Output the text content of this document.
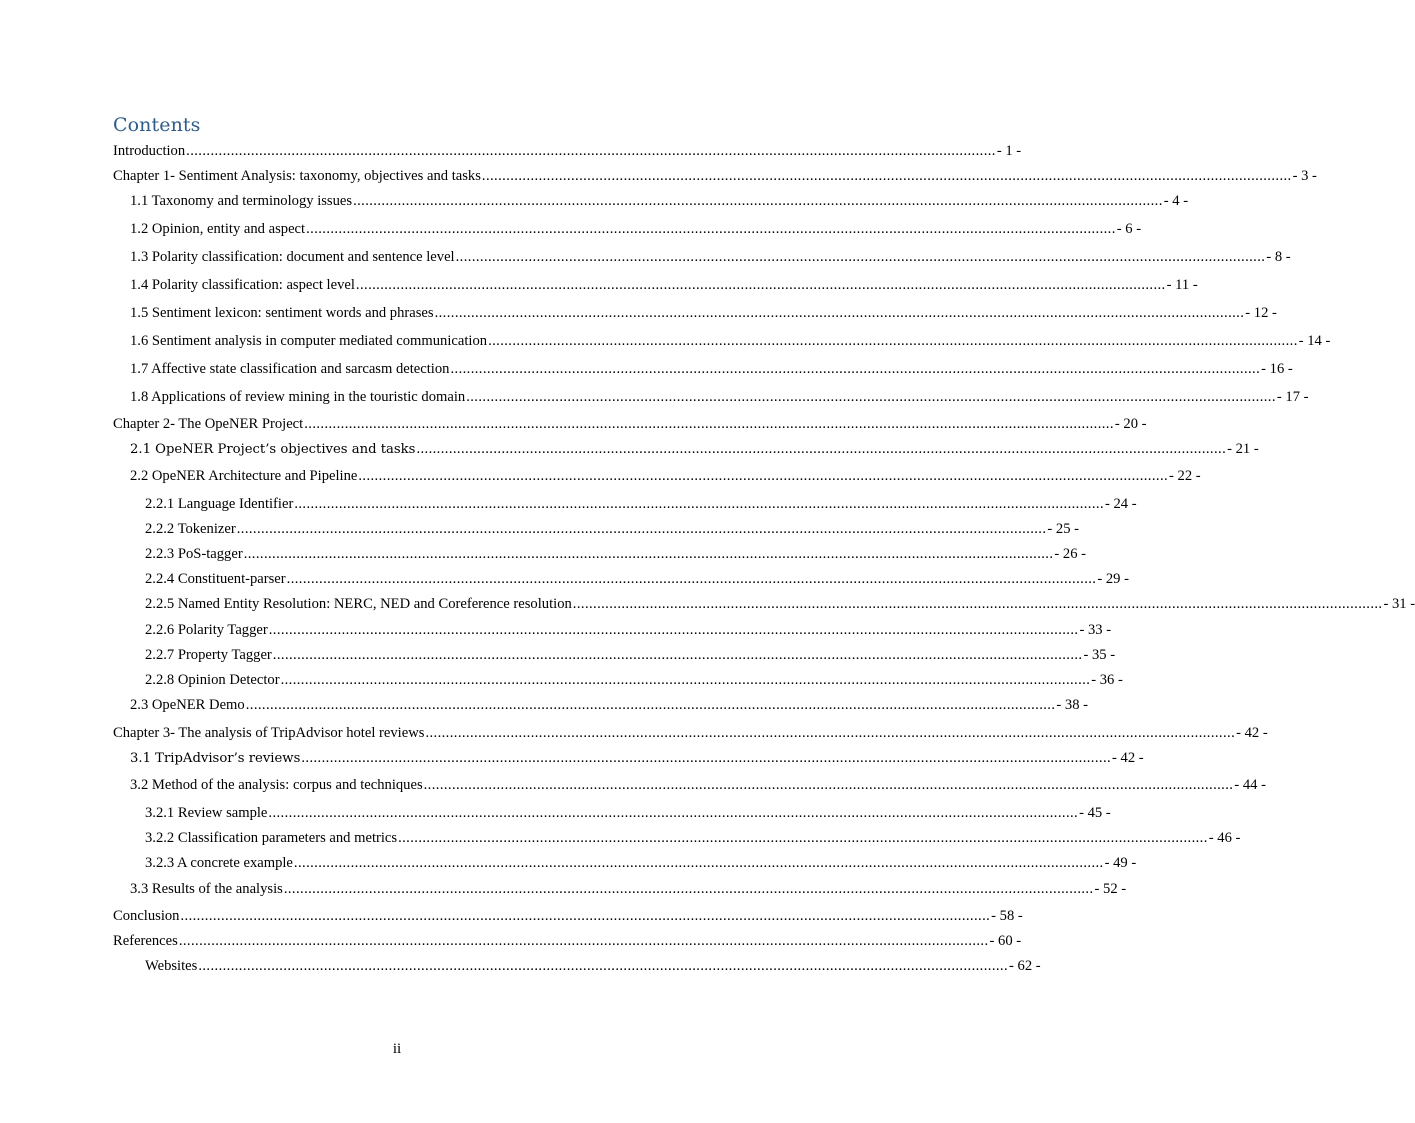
Contents
Introduction ........................................................................................................................................................................................................ - 1 -
Chapter 1- Sentiment Analysis: taxonomy, objectives and tasks ........................................................................................................................................................................................................ - 3 -
1.1 Taxonomy and terminology issues ........................................................................................................................................................................................................ - 4 -
1.2 Opinion, entity and aspect ........................................................................................................................................................................................................ - 6 -
1.3 Polarity classification: document and sentence level ........................................................................................................................................................................................................ - 8 -
1.4 Polarity classification: aspect level ........................................................................................................................................................................................................ - 11 -
1.5 Sentiment lexicon: sentiment words and phrases ........................................................................................................................................................................................................ - 12 -
1.6 Sentiment analysis in computer mediated communication ........................................................................................................................................................................................................ - 14 -
1.7 Affective state classification and sarcasm detection ........................................................................................................................................................................................................ - 16 -
1.8 Applications of review mining in the touristic domain ........................................................................................................................................................................................................ - 17 -
Chapter 2- The OpeNER Project ........................................................................................................................................................................................................ - 20 -
2.1 OpeNER Project’s objectives and tasks ........................................................................................................................................................................................................ - 21 -
2.2 OpeNER Architecture and Pipeline ........................................................................................................................................................................................................ - 22 -
2.2.1 Language Identifier ........................................................................................................................................................................................................ - 24 -
2.2.2 Tokenizer ........................................................................................................................................................................................................ - 25 -
2.2.3 PoS-tagger ........................................................................................................................................................................................................ - 26 -
2.2.4 Constituent-parser ........................................................................................................................................................................................................ - 29 -
2.2.5 Named Entity Resolution: NERC, NED and Coreference resolution ........................................................................................................................................................................................................ - 31 -
2.2.6 Polarity Tagger ........................................................................................................................................................................................................ - 33 -
2.2.7 Property Tagger ........................................................................................................................................................................................................ - 35 -
2.2.8 Opinion Detector ........................................................................................................................................................................................................ - 36 -
2.3 OpeNER Demo ........................................................................................................................................................................................................ - 38 -
Chapter 3- The analysis of TripAdvisor hotel reviews ........................................................................................................................................................................................................ - 42 -
3.1 TripAdvisor’s reviews ........................................................................................................................................................................................................ - 42 -
3.2 Method of the analysis: corpus and techniques ........................................................................................................................................................................................................ - 44 -
3.2.1 Review sample ........................................................................................................................................................................................................ - 45 -
3.2.2 Classification parameters and metrics ........................................................................................................................................................................................................ - 46 -
3.2.3 A concrete example ........................................................................................................................................................................................................ - 49 -
3.3 Results of the analysis ........................................................................................................................................................................................................ - 52 -
Conclusion ........................................................................................................................................................................................................ - 58 -
References ........................................................................................................................................................................................................ - 60 -
Websites ........................................................................................................................................................................................................ - 62 -
ii
